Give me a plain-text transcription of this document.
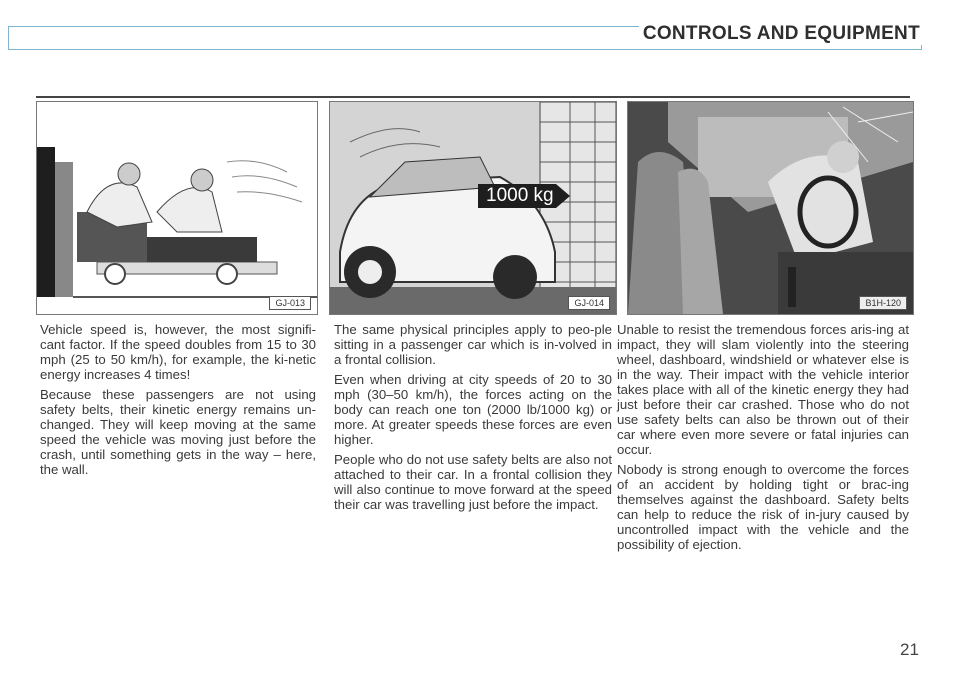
CONTROLS AND EQUIPMENT
GJ-013
1000 kg
GJ-014	B1H-120

Vehicle speed is, however, the most signifi-cant factor. If the speed doubles from 15 to 30 mph (25 to 50 km/h), for example, the ki-netic energy increases 4 times!

Because these passengers are not using safety belts, their kinetic energy remains un-changed. They will keep moving at the same speed the vehicle was moving just before the crash, until something gets in the way – here, the wall.

The same physical principles apply to peo-ple sitting in a passenger car which is in-volved in a frontal collision.

Even when driving at city speeds of 20 to 30 mph (30–50 km/h), the forces acting on the body can reach one ton (2000 lb/1000 kg) or more. At greater speeds these forces are even higher.

People who do not use safety belts are also not attached to their car. In a frontal collision they will also continue to move forward at the speed their car was travelling just before the impact.

Unable to resist the tremendous forces aris-ing at impact, they will slam violently into the steering wheel, dashboard, windshield or whatever else is in the way. Their impact with the vehicle interior takes place with all of the kinetic energy they had just before their car crashed. Those who do not use safety belts can also be thrown out of their car where even more severe or fatal injuries can occur.

Nobody is strong enough to overcome the forces of an accident by holding tight or brac-ing themselves against the dashboard. Safety belts can help to reduce the risk of in-jury caused by uncontrolled impact with the vehicle and the possibility of ejection.

21
